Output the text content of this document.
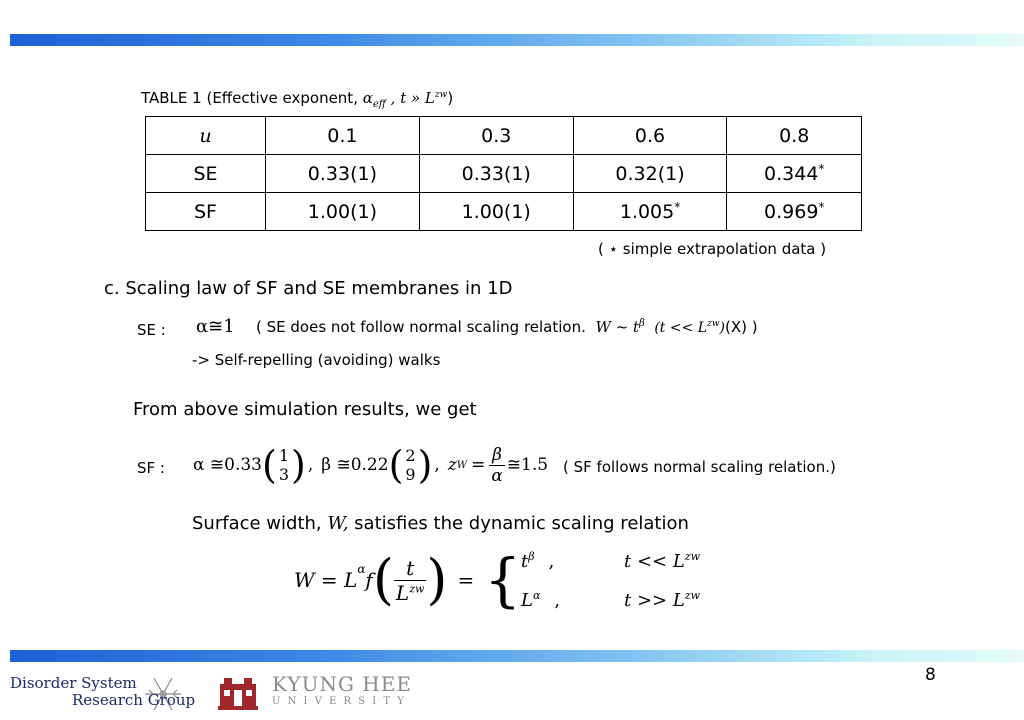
TABLE 1 (Effective exponent, $\alpha_{eff}$ , t » $L^{zw}$)
u	0.1	0.3	0.6	0.8
SE	0.33(1)	0.33(1)	0.32(1)	0.344*
SF	1.00(1)	1.00(1)	1.005*	0.969*
( ⋆ simple extrapolation data )
c. Scaling law of SF and SE membranes in 1D
SE : α≅1 ( SE does not follow normal scaling relation. W ~ $t^\beta$ $(t << L^{zw})(X)$ )
-> Self-repelling (avoiding) walks
From above simulation results, we get
SF : α ≅0.33 ( 1
3 ) , β ≅0.22 ( 2
9 ) , z $W = \frac{\beta}{\alpha}$ ≅1.5 ( SF follows normal scaling relation.)
Surface width, W, satisfies the dynamic scaling relation
$W = L^\alpha$ f ( $\frac{t}{L^{zw}}$ ) = { $t^\beta$ ,	$t << L^{zw}$
$L^\alpha$ ,	$t >> L^{zw}$
8
Disorder System
Research Group
KYUNG HEE
U N I V E R S I T Y
